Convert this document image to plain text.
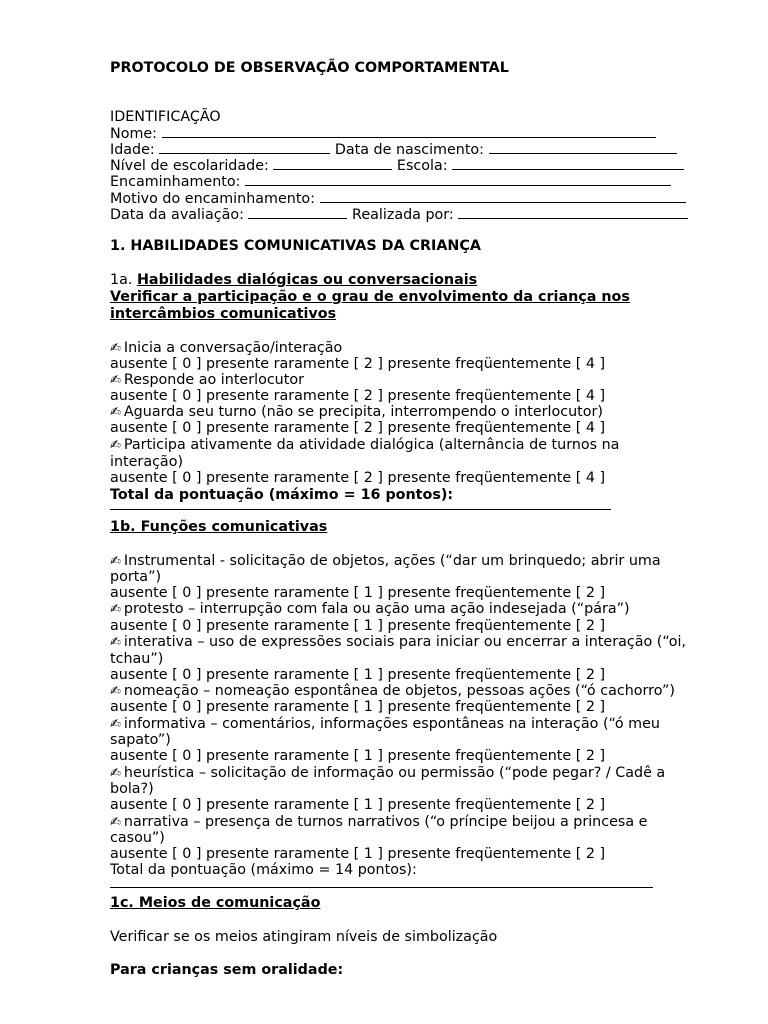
PROTOCOLO DE OBSERVAÇÃO COMPORTAMENTAL
IDENTIFICAÇÃO
Nome:
Idade:	Data de nascimento:
Nível de escolaridade:	Escola:
Encaminhamento:
Motivo do encaminhamento:
Data da avaliação:	Realizada por:
1. HABILIDADES COMUNICATIVAS DA CRIANÇA
1a. Habilidades dialógicas ou conversacionais
Verificar a participação e o grau de envolvimento da criança nos
intercâmbios comunicativos
✍ Inicia a conversação/interação
ausente [ 0 ] presente raramente [ 2 ] presente freqüentemente [ 4 ]
✍ Responde ao interlocutor
ausente [ 0 ] presente raramente [ 2 ] presente freqüentemente [ 4 ]
✍ Aguarda seu turno (não se precipita, interrompendo o interlocutor)
ausente [ 0 ] presente raramente [ 2 ] presente freqüentemente [ 4 ]
✍ Participa ativamente da atividade dialógica (alternância de turnos na
interação)
ausente [ 0 ] presente raramente [ 2 ] presente freqüentemente [ 4 ]
Total da pontuação (máximo = 16 pontos):
1b. Funções comunicativas
✍ Instrumental - solicitação de objetos, ações (“dar um brinquedo; abrir uma
porta”)
ausente [ 0 ] presente raramente [ 1 ] presente freqüentemente [ 2 ]
✍ protesto – interrupção com fala ou ação uma ação indesejada (“pára”)
ausente [ 0 ] presente raramente [ 1 ] presente freqüentemente [ 2 ]
✍ interativa – uso de expressões sociais para iniciar ou encerrar a interação (“oi,
tchau”)
ausente [ 0 ] presente raramente [ 1 ] presente freqüentemente [ 2 ]
✍ nomeação – nomeação espontânea de objetos, pessoas ações (“ó cachorro”)
ausente [ 0 ] presente raramente [ 1 ] presente freqüentemente [ 2 ]
✍ informativa – comentários, informações espontâneas na interação (“ó meu
sapato”)
ausente [ 0 ] presente raramente [ 1 ] presente freqüentemente [ 2 ]
✍ heurística – solicitação de informação ou permissão (“pode pegar? / Cadê a
bola?)
ausente [ 0 ] presente raramente [ 1 ] presente freqüentemente [ 2 ]
✍ narrativa – presença de turnos narrativos (“o príncipe beijou a princesa e
casou”)
ausente [ 0 ] presente raramente [ 1 ] presente freqüentemente [ 2 ]
Total da pontuação (máximo = 14 pontos):
1c. Meios de comunicação
Verificar se os meios atingiram níveis de simbolização
Para crianças sem oralidade:
